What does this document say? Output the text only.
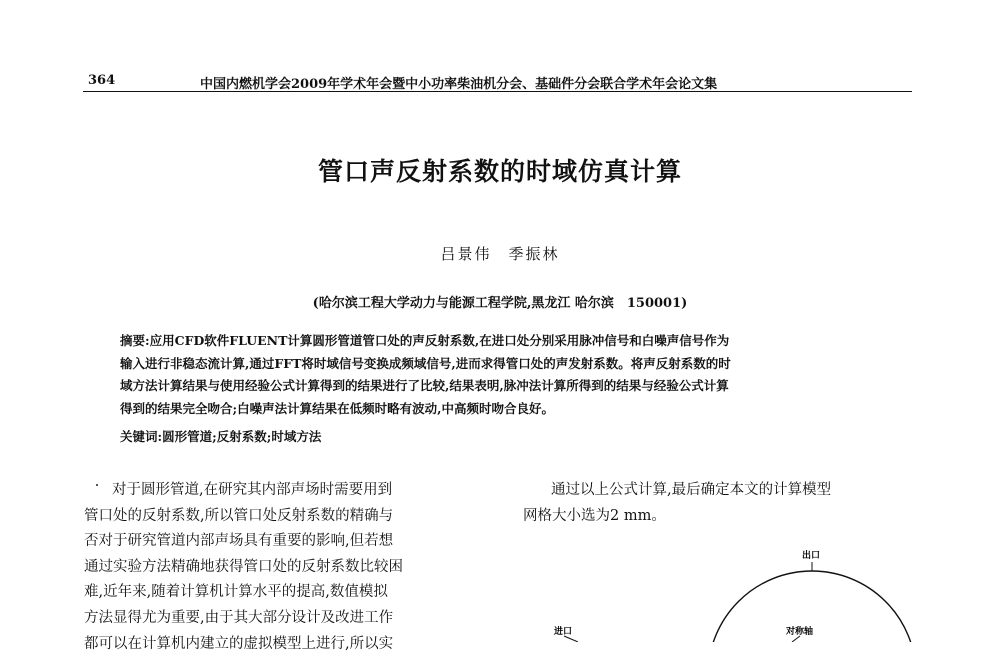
364	中国内燃机学会2009年学术年会暨中小功率柴油机分会、基础件分会联合学术年会论文集
管口声反射系数的时域仿真计算
吕景伟　季振林
(哈尔滨工程大学动力与能源工程学院,黑龙江 哈尔滨　150001)
摘要:应用CFD软件FLUENT计算圆形管道管口处的声反射系数,在进口处分别采用脉冲信号和白噪声信号作为
输入进行非稳态流计算,通过FFT将时域信号变换成频域信号,进而求得管口处的声发射系数。将声反射系数的时
域方法计算结果与使用经验公式计算得到的结果进行了比较,结果表明,脉冲法计算所得到的结果与经验公式计算
得到的结果完全吻合;白噪声法计算结果在低频时略有波动,中高频时吻合良好。
关键词:圆形管道;反射系数;时域方法
对于圆形管道,在研究其内部声场时需要用到
管口处的反射系数,所以管口处反射系数的精确与
否对于研究管道内部声场具有重要的影响,但若想
通过实验方法精确地获得管口处的反射系数比较困
难,近年来,随着计算机计算水平的提高,数值模拟
方法显得尤为重要,由于其大部分设计及改进工作
都可以在计算机内建立的虚拟模型上进行,所以实
通过以上公式计算,最后确定本文的计算模型
网格大小选为2 mm。
出口
进口	对称轴
